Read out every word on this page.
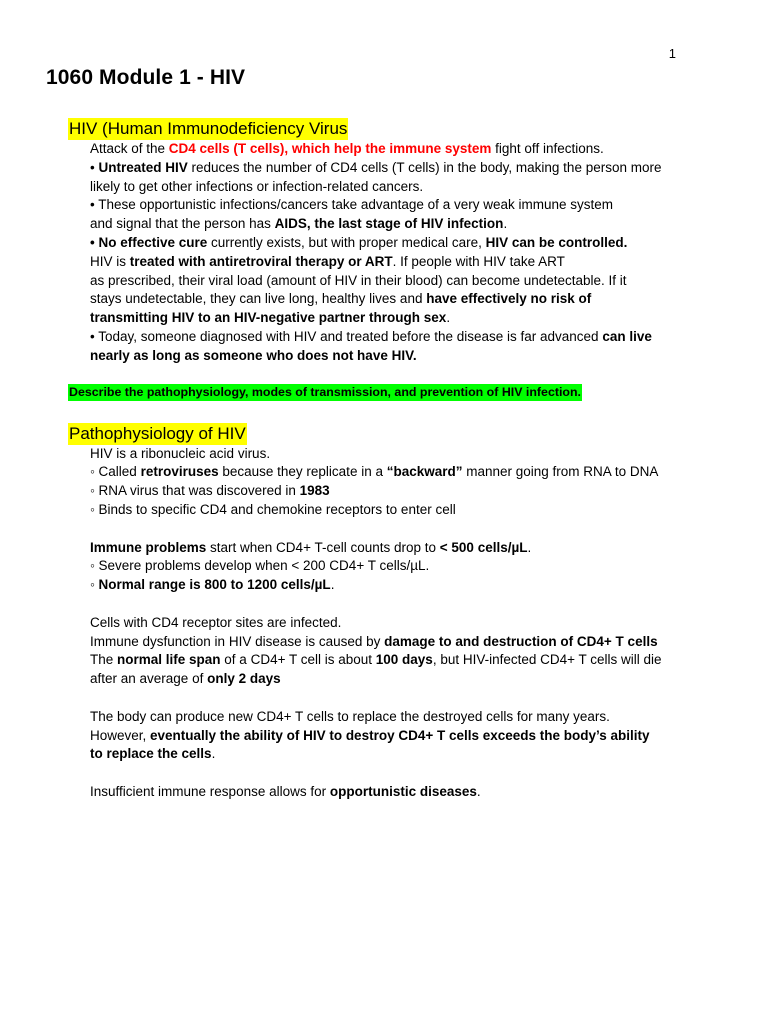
1
1060 Module 1 - HIV
HIV (Human Immunodeficiency Virus
Attack of the CD4 cells (T cells), which help the immune system fight off infections.
• Untreated HIV reduces the number of CD4 cells (T cells) in the body, making the person more
likely to get other infections or infection-related cancers.
• These opportunistic infections/cancers take advantage of a very weak immune system
and signal that the person has AIDS, the last stage of HIV infection.
• No effective cure currently exists, but with proper medical care, HIV can be controlled.
HIV is treated with antiretroviral therapy or ART. If people with HIV take ART
as prescribed, their viral load (amount of HIV in their blood) can become undetectable. If it
stays undetectable, they can live long, healthy lives and have effectively no risk of
transmitting HIV to an HIV-negative partner through sex.
• Today, someone diagnosed with HIV and treated before the disease is far advanced can live
nearly as long as someone who does not have HIV.
Describe the pathophysiology, modes of transmission, and prevention of HIV infection.
Pathophysiology of HIV
HIV is a ribonucleic acid virus.
◦ Called retroviruses because they replicate in a “backward” manner going from RNA to DNA
◦ RNA virus that was discovered in 1983
◦ Binds to specific CD4 and chemokine receptors to enter cell
Immune problems start when CD4+ T-cell counts drop to < 500 cells/µL.
◦ Severe problems develop when < 200 CD4+ T cells/µL.
◦ Normal range is 800 to 1200 cells/µL.
Cells with CD4 receptor sites are infected.
Immune dysfunction in HIV disease is caused by damage to and destruction of CD4+ T cells
The normal life span of a CD4+ T cell is about 100 days, but HIV-infected CD4+ T cells will die
after an average of only 2 days
The body can produce new CD4+ T cells to replace the destroyed cells for many years.
However, eventually the ability of HIV to destroy CD4+ T cells exceeds the body’s ability
to replace the cells.
Insufficient immune response allows for opportunistic diseases.
